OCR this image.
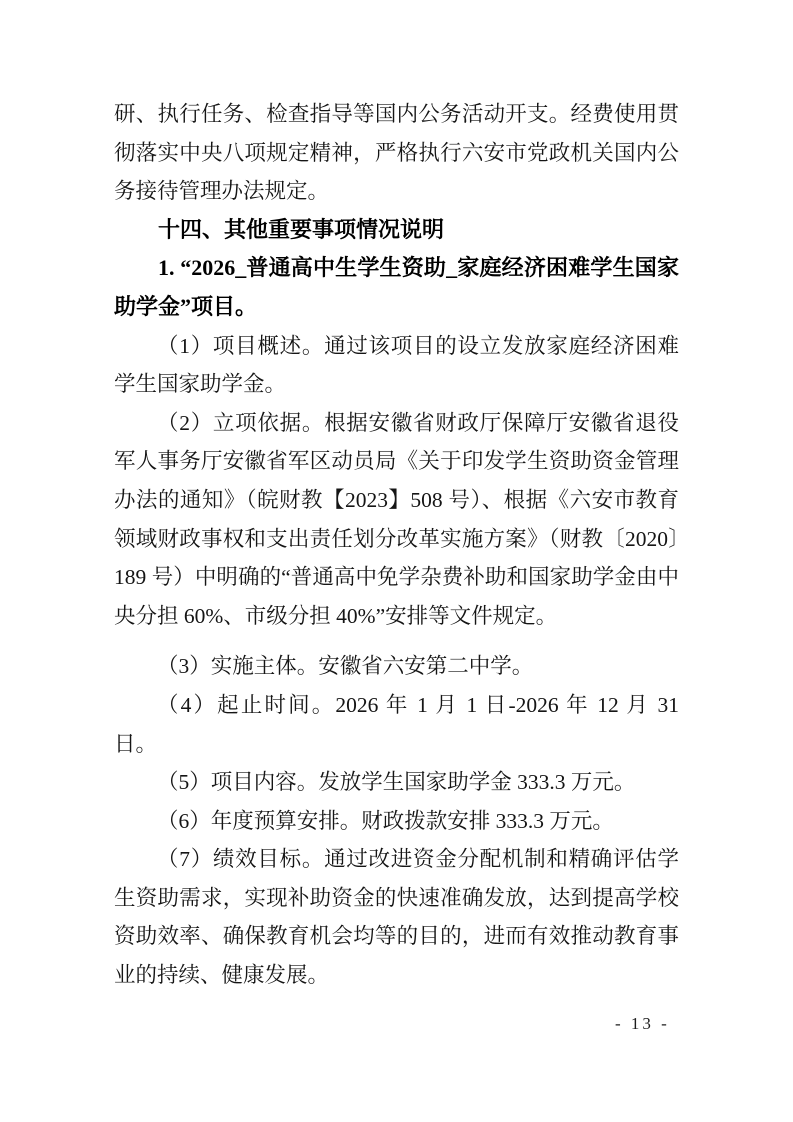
研、执行任务、检查指导等国内公务活动开支。经费使用贯彻落实中央八项规定精神，严格执行六安市党政机关国内公务接待管理办法规定。

十四、其他重要事项情况说明

1. “2026_普通高中生学生资助_家庭经济困难学生国家助学金”项目。

（1）项目概述。通过该项目的设立发放家庭经济困难学生国家助学金。

（2）立项依据。根据安徽省财政厅保障厅安徽省退役军人事务厅安徽省军区动员局《关于印发学生资助资金管理办法的通知》（皖财教【2023】508 号）、根据《六安市教育领域财政事权和支出责任划分改革实施方案》（财教〔2020〕189 号）中明确的“普通高中免学杂费补助和国家助学金由中央分担 60%、市级分担 40%”安排等文件规定。

（3）实施主体。安徽省六安第二中学。

（4）起止时间。2026 年 1 月 1 日-2026 年 12 月 31 日。

（5）项目内容。发放学生国家助学金 333.3 万元。

（6）年度预算安排。财政拨款安排 333.3 万元。

（7）绩效目标。通过改进资金分配机制和精确评估学生资助需求，实现补助资金的快速准确发放，达到提高学校资助效率、确保教育机会均等的目的，进而有效推动教育事业的持续、健康发展。

- 13 -
